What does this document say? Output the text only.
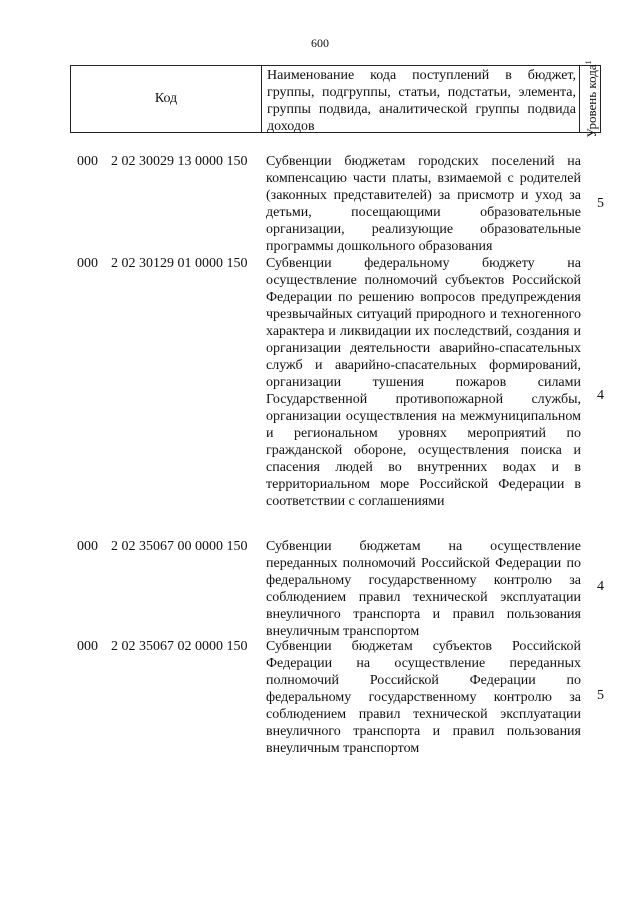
600
Код
Наименование кода поступлений в бюджет, группы, подгруппы, статьи, подстатьи, элемента, группы подвида, аналитической группы подвида доходов	Уровень кода$^1$
000 2 02 30029 13 0000 150 Субвенции бюджетам городских поселений на компенсацию части платы, взимаемой с родителей (законных представителей) за присмотр и уход за детьми, посещающими образовательные организации, реализующие образовательные программы дошкольного образования
5
000 2 02 30129 01 0000 150 Субвенции федеральному бюджету на осуществление полномочий субъектов Российской Федерации по решению вопросов предупреждения чрезвычайных ситуаций природного и техногенного характера и ликвидации их последствий, создания и организации деятельности аварийно-спасательных служб и аварийно-спасательных формирований, организации тушения пожаров силами Государственной противопожарной службы, организации осуществления на межмуниципальном и региональном уровнях мероприятий по гражданской обороне, осуществления поиска и спасения людей во внутренних водах и в территориальном море Российской Федерации в соответствии с соглашениями
4
000 2 02 35067 00 0000 150 Субвенции бюджетам на осуществление переданных полномочий Российской Федерации по федеральному государственному контролю за соблюдением правил технической эксплуатации внеуличного транспорта и правил пользования внеуличным транспортом
4
000 2 02 35067 02 0000 150 Субвенции бюджетам субъектов Российской Федерации на осуществление переданных полномочий Российской Федерации по федеральному государственному контролю за соблюдением правил технической эксплуатации внеуличного транспорта и правил пользования внеуличным транспортом
5
